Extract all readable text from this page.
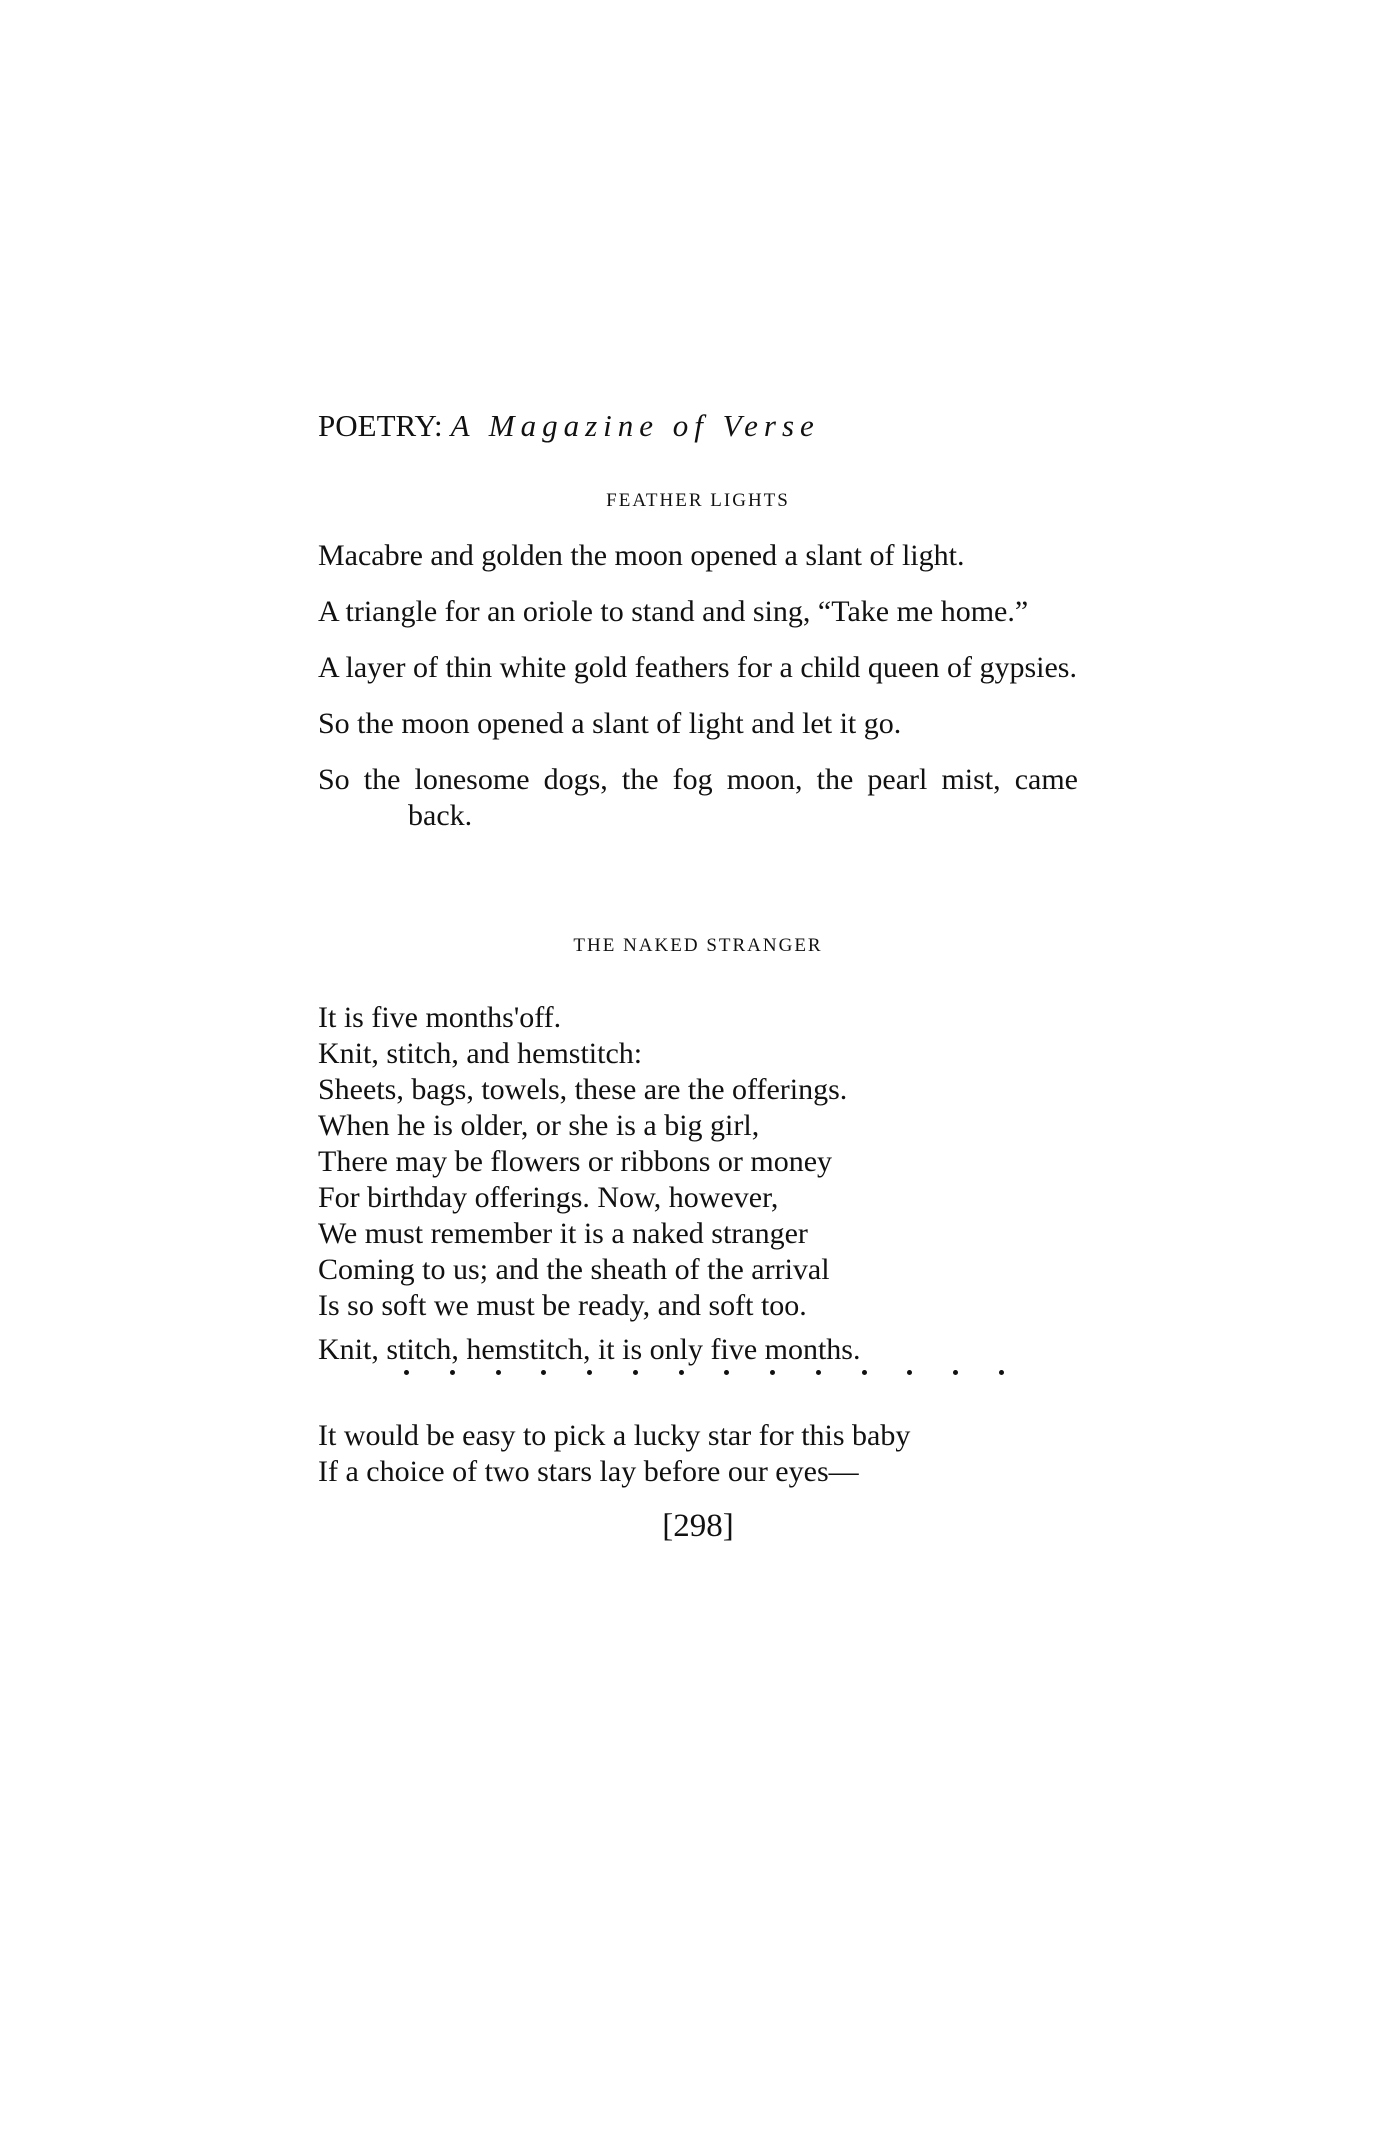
POETRY: A Magazine of Verse
FEATHER LIGHTS

Macabre and golden the moon opened a slant of light.

A triangle for an oriole to stand and sing, “Take me home.”

A layer of thin white gold feathers for a child queen of gypsies.

So the moon opened a slant of light and let it go.

So the lonesome dogs, the fog moon, the pearl mist, came back.

THE NAKED STRANGER
It is five months'off.
Knit, stitch, and hemstitch:
Sheets, bags, towels, these are the offerings.
When he is older, or she is a big girl,
There may be flowers or ribbons or money
For birthday offerings. Now, however,
We must remember it is a naked stranger
Coming to us; and the sheath of the arrival
Is so soft we must be ready, and soft too.
Knit, stitch, hemstitch, it is only five months.
It would be easy to pick a lucky star for this baby
If a choice of two stars lay before our eyes—
[298]
